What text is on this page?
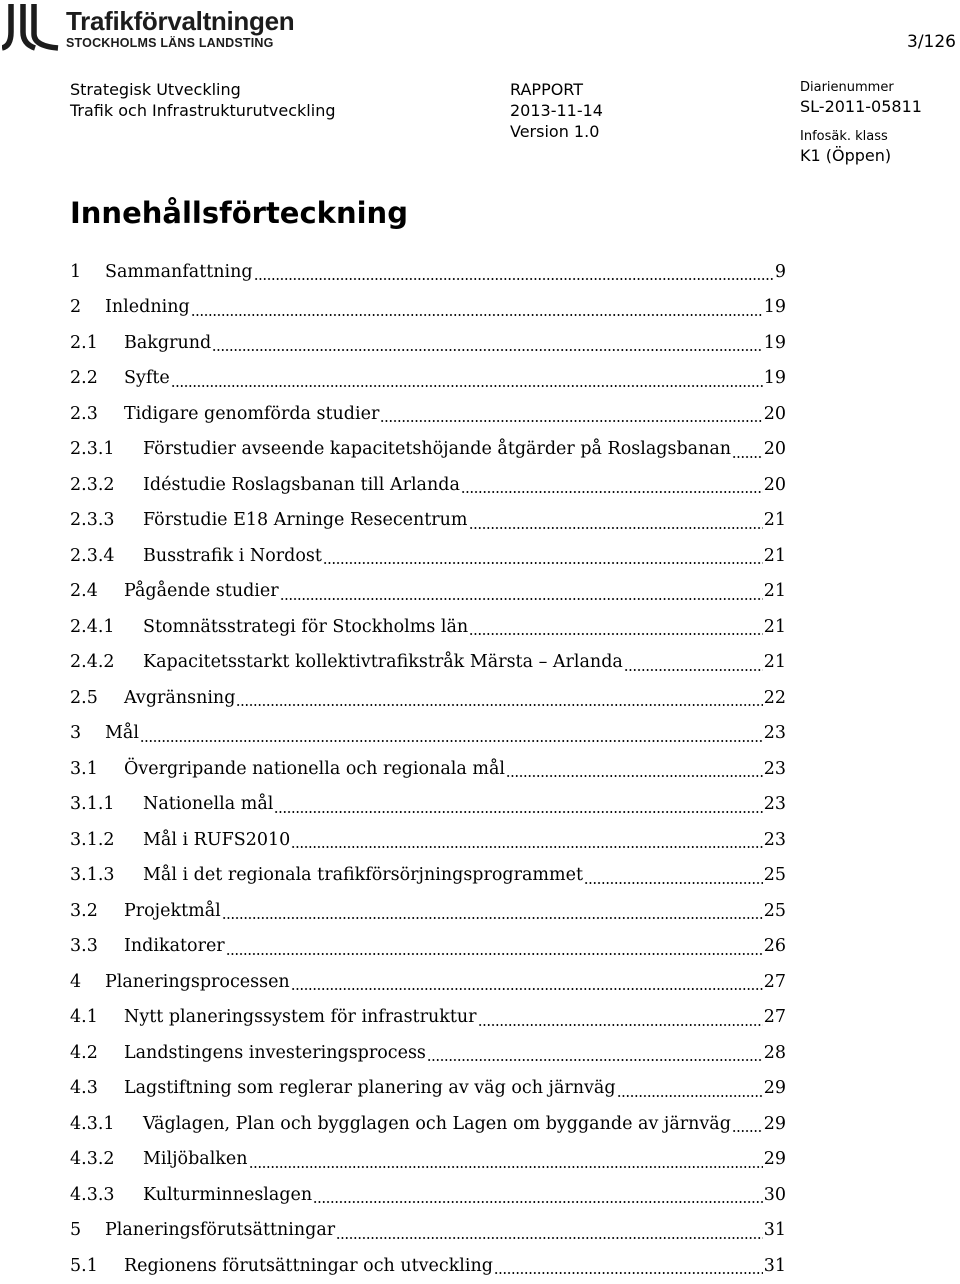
Trafikförvaltningen
STOCKHOLMS LÄNS LANDSTING	3/126
Strategisk Utveckling
Trafik och Infrastrukturutveckling
RAPPORT
2013-11-14
Version 1.0
Diarienummer
SL-2011-05811
Infosäk. klass
K1 (Öppen)
Innehållsförteckning
1	Sammanfattning	9
2	Inledning	19
2.1	Bakgrund	19
2.2	Syfte	19
2.3	Tidigare genomförda studier	20
2.3.1	Förstudier avseende kapacitetshöjande åtgärder på Roslagsbanan 20
2.3.2	Idéstudie Roslagsbanan till Arlanda	20
2.3.3	Förstudie E18 Arninge Resecentrum	21
2.3.4	Busstrafik i Nordost	21
2.4	Pågående studier	21
2.4.1	Stomnätsstrategi för Stockholms län	21
2.4.2	Kapacitetsstarkt kollektivtrafikstråk Märsta – Arlanda	21
2.5	Avgränsning	22
3	Mål	23
3.1	Övergripande nationella och regionala mål	23
3.1.1	Nationella mål	23
3.1.2	Mål i RUFS2010	23
3.1.3	Mål i det regionala trafikförsörjningsprogrammet	25
3.2	Projektmål	25
3.3	Indikatorer	26
4	Planeringsprocessen	27
4.1	Nytt planeringssystem för infrastruktur	27
4.2	Landstingens investeringsprocess	28
4.3	Lagstiftning som reglerar planering av väg och järnväg	29
4.3.1	Väglagen, Plan och bygglagen och Lagen om byggande av järnväg 29
4.3.2	Miljöbalken	29
4.3.3	Kulturminneslagen	30
5	Planeringsförutsättningar	31
5.1	Regionens förutsättningar och utveckling	31
